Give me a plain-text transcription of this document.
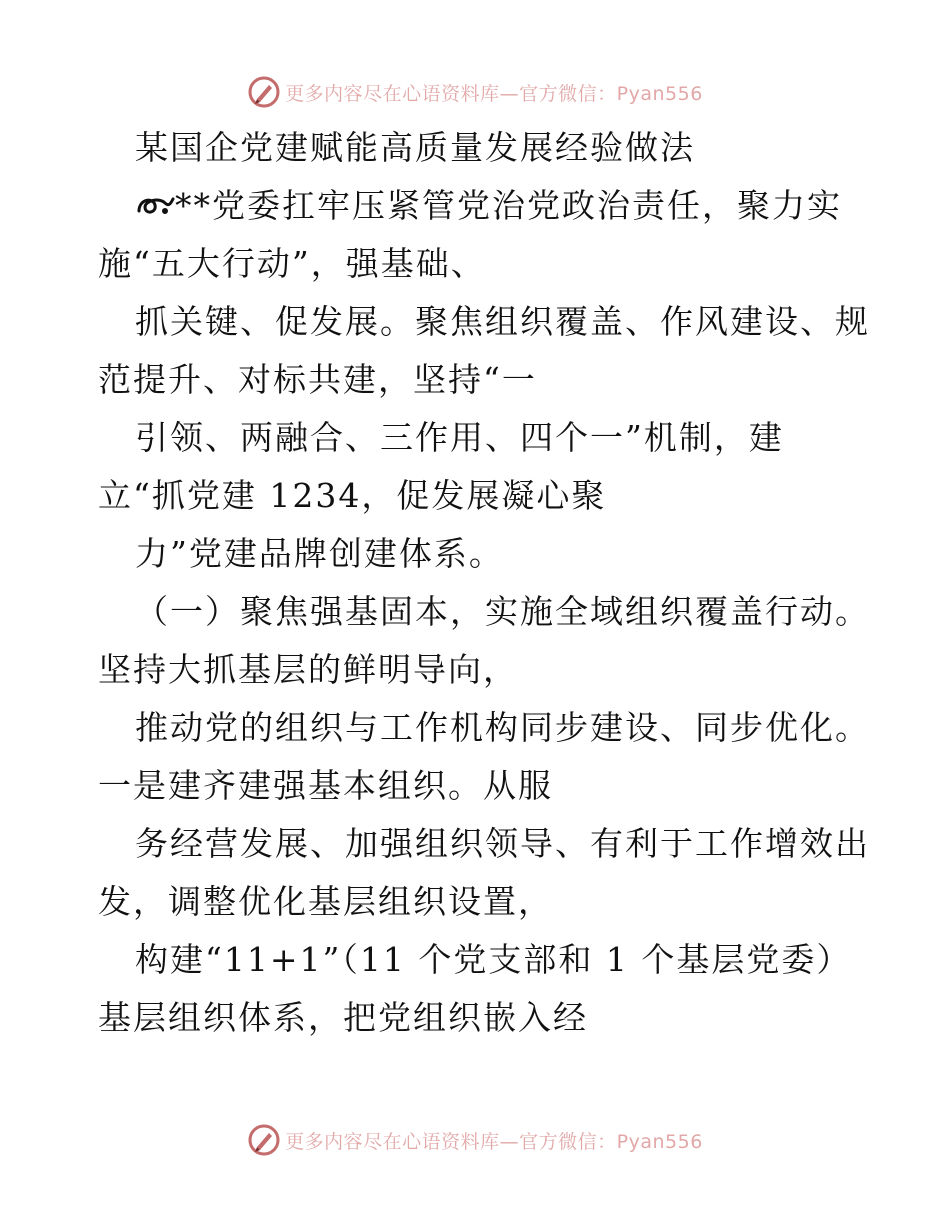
更多内容尽在心语资料库—官方微信：Pyan556
某国企党建赋能高质量发展经验做法
**党委扛牢压紧管党治党政治责任，聚力实
施“五大行动”，强基础、
抓关键、促发展。聚焦组织覆盖、作风建设、规
范提升、对标共建，坚持“一
引领、两融合、三作用、四个一”机制，建
立“抓党建 1234，促发展凝心聚
力”党建品牌创建体系。
（一）聚焦强基固本，实施全域组织覆盖行动。
坚持大抓基层的鲜明导向，
推动党的组织与工作机构同步建设、同步优化。
一是建齐建强基本组织。从服
务经营发展、加强组织领导、有利于工作增效出
发，调整优化基层组织设置，
构建“11+1”（11 个党支部和 1 个基层党委）
基层组织体系，把党组织嵌入经
更多内容尽在心语资料库—官方微信：Pyan556
